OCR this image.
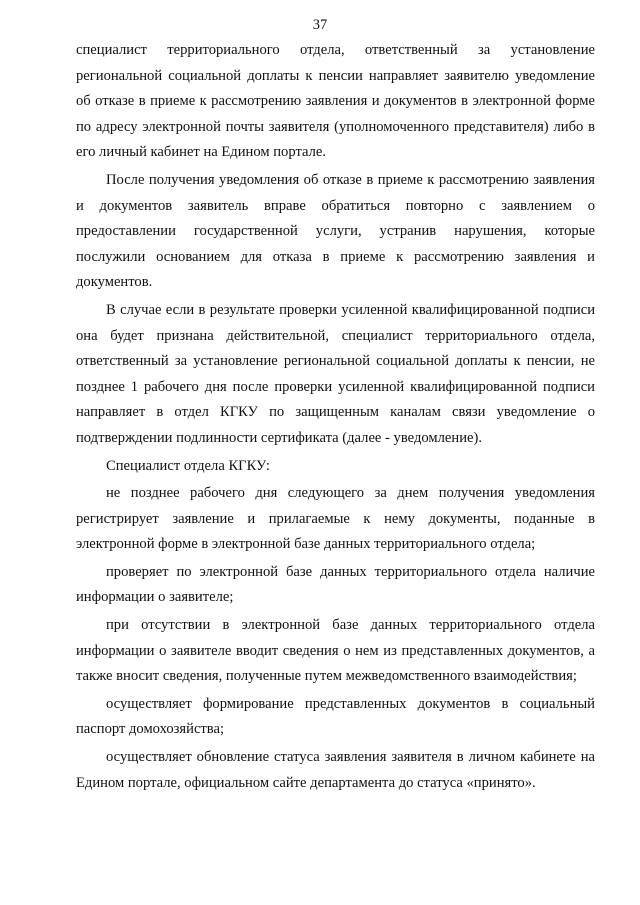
37

специалист территориального отдела, ответственный за установление региональной социальной доплаты к пенсии направляет заявителю уведомление об отказе в приеме к рассмотрению заявления и документов в электронной форме по адресу электронной почты заявителя (уполномоченного представителя) либо в его личный кабинет на Едином портале.

После получения уведомления об отказе в приеме к рассмотрению заявления и документов заявитель вправе обратиться повторно с заявлением о предоставлении государственной услуги, устранив нарушения, которые послужили основанием для отказа в приеме к рассмотрению заявления и документов.

В случае если в результате проверки усиленной квалифицированной подписи она будет признана действительной, специалист территориального отдела, ответственный за установление региональной социальной доплаты к пенсии, не позднее 1 рабочего дня после проверки усиленной квалифицированной подписи направляет в отдел КГКУ по защищенным каналам связи уведомление о подтверждении подлинности сертификата (далее - уведомление).

Специалист отдела КГКУ:

не позднее рабочего дня следующего за днем получения уведомления регистрирует заявление и прилагаемые к нему документы, поданные в электронной форме в электронной базе данных территориального отдела;

проверяет по электронной базе данных территориального отдела наличие информации о заявителе;

при отсутствии в электронной базе данных территориального отдела информации о заявителе вводит сведения о нем из представленных документов, а также вносит сведения, полученные путем межведомственного взаимодействия;

осуществляет формирование представленных документов в социальный паспорт домохозяйства;

осуществляет обновление статуса заявления заявителя в личном кабинете на Едином портале, официальном сайте департамента до статуса «принято».
